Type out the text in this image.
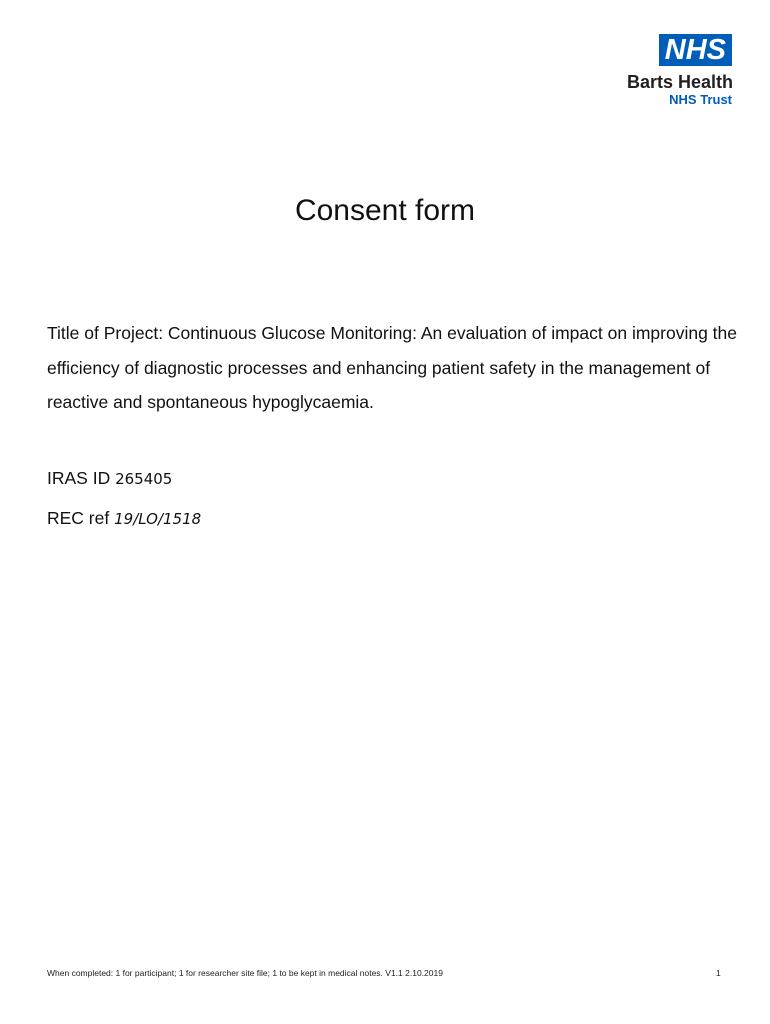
NHS
Barts Health
NHS Trust
Consent form

Title of Project: Continuous Glucose Monitoring: An evaluation of impact on improving the efficiency of diagnostic processes and enhancing patient safety in the management of reactive and spontaneous hypoglycaemia.

IRAS ID 265405

REC ref 19/LO/1518

When completed: 1 for participant; 1 for researcher site file; 1 to be kept in medical notes. V1.1 2.10.2019	1
